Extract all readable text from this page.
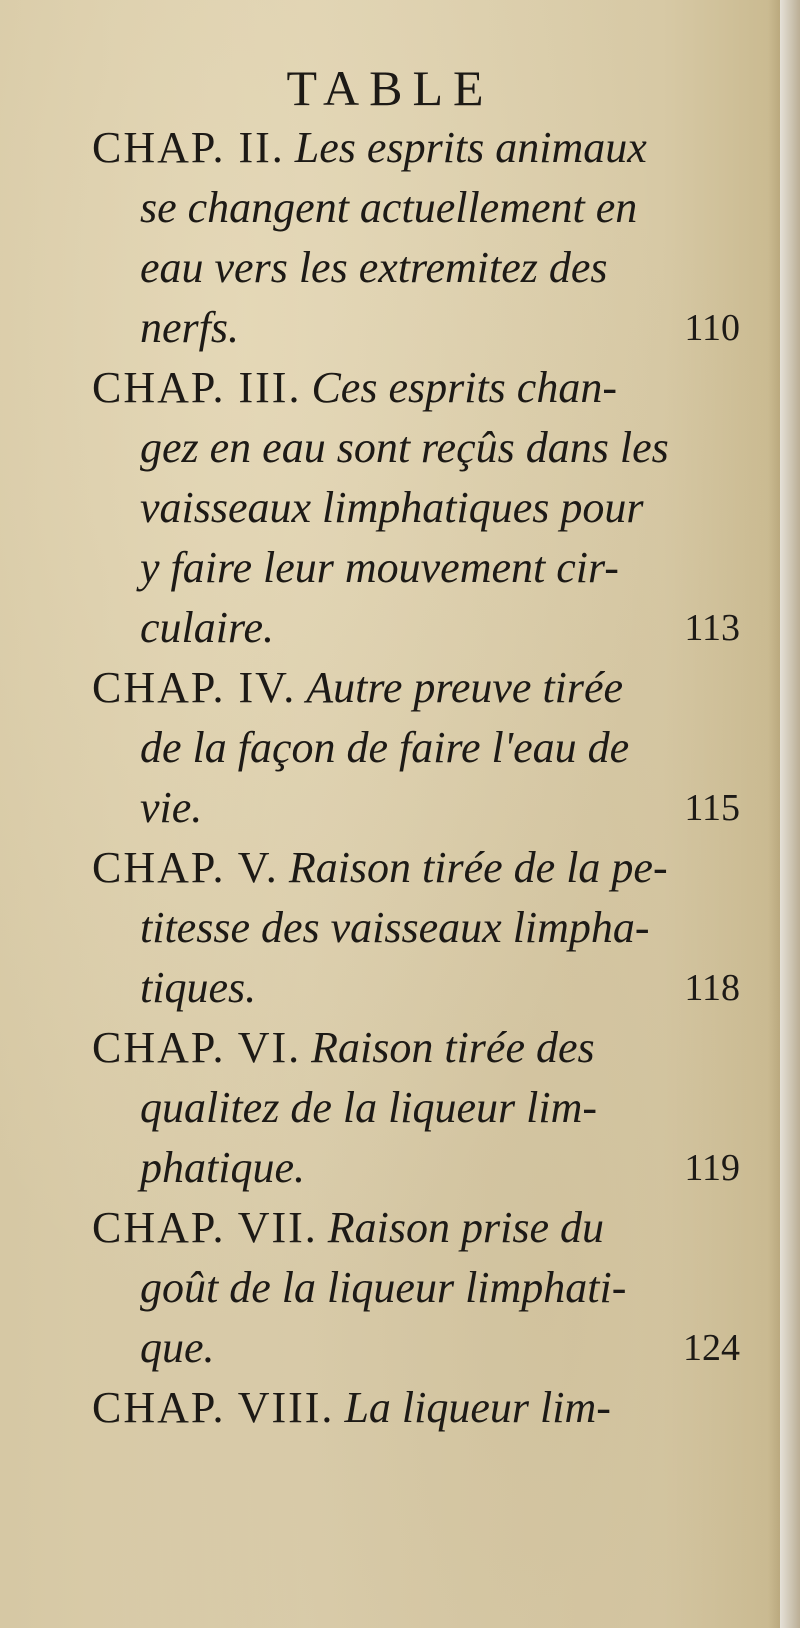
TABLE
CHAP. II. Les esprits animaux
se changent actuellement en
eau vers les extremitez des
nerfs.	110
CHAP. III. Ces esprits chan-
gez en eau sont reçûs dans les
vaisseaux limphatiques pour
y faire leur mouvement cir-
culaire.	113
CHAP. IV. Autre preuve tirée
de la façon de faire l'eau de
vie.	115
CHAP. V. Raison tirée de la pe-
titesse des vaisseaux limpha-
tiques.	118
CHAP. VI. Raison tirée des
qualitez de la liqueur lim-
phatique.	119
CHAP. VII. Raison prise du
goût de la liqueur limphati-
que.	124
CHAP. VIII. La liqueur lim-
